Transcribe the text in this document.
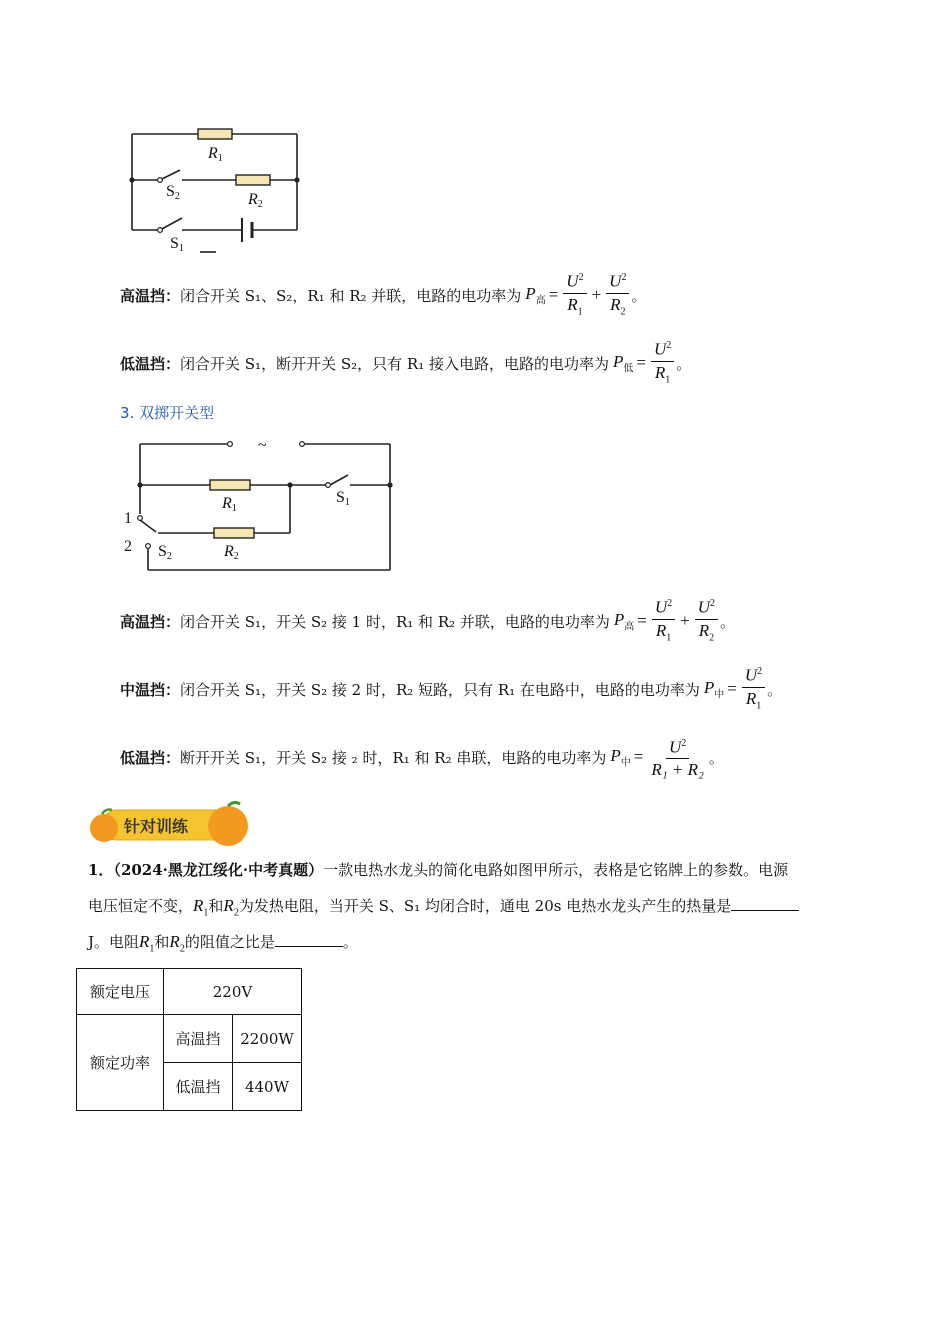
R1
R2
S2
S1
高温挡： 闭合开关 S₁、S₂，R₁ 和 R₂ 并联，电路的电功率为 $P_高 = \frac{U^2}{R_1} + \frac{U^2}{R_2}$ 。
低温挡： 闭合开关 S₁，断开开关 S₂，只有 R₁ 接入电路，电路的电功率为 $P_低 = \frac{U^2}{R_1}$ 。
3. 双掷开关型
~
R1
R2
S1
S2
1
2
高温挡： 闭合开关 S₁，开关 S₂ 接 1 时，R₁ 和 R₂ 并联，电路的电功率为 $P_高 = \frac{U^2}{R_1} + \frac{U^2}{R_2}$ 。
中温挡： 闭合开关 S₁，开关 S₂ 接 2 时，R₂ 短路，只有 R₁ 在电路中，电路的电功率为 $P_中 = \frac{U^2}{R_1}$ 。
低温挡： 断开开关 S₁，开关 S₂ 接 ₂ 时，R₁ 和 R₂ 串联，电路的电功率为 $P_中 = \frac{U^2}{\text{R₁ + R₂}}$ 。
针对训练
1．（2024·黑龙江绥化·中考真题）一款电热水龙头的简化电路如图甲所示，表格是它铭牌上的参数。电源
电压恒定不变，$R_1$和$R_2$为发热电阻，当开关 S、S₁ 均闭合时，通电 20s 电热水龙头产生的热量是
J。电阻$R_1$和$R_2$的阻值之比是	。
额定电压	220V	
额定功率	高温挡	2200W
	低温挡	440W
